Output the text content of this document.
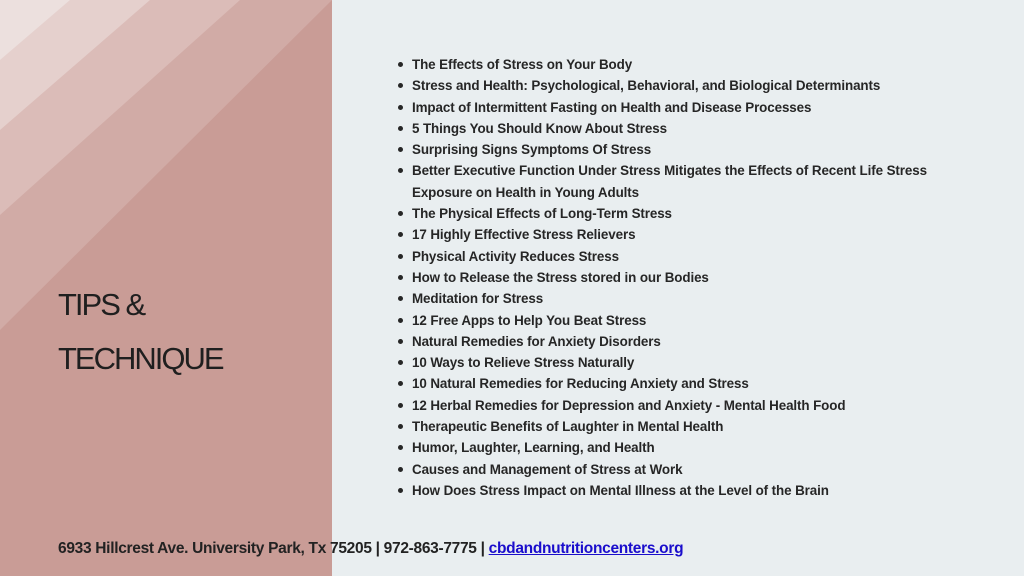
TIPS &
TECHNIQUE
The Effects of Stress on Your Body
Stress and Health: Psychological, Behavioral, and Biological Determinants
Impact of Intermittent Fasting on Health and Disease Processes
5 Things You Should Know About Stress
Surprising Signs Symptoms Of Stress
Better Executive Function Under Stress Mitigates the Effects of Recent Life Stress Exposure on Health in Young Adults
The Physical Effects of Long-Term Stress
17 Highly Effective Stress Relievers
Physical Activity Reduces Stress
How to Release the Stress stored in our Bodies
Meditation for Stress
12 Free Apps to Help You Beat Stress
Natural Remedies for Anxiety Disorders
10 Ways to Relieve Stress Naturally
10 Natural Remedies for Reducing Anxiety and Stress
12 Herbal Remedies for Depression and Anxiety - Mental Health Food
Therapeutic Benefits of Laughter in Mental Health
Humor, Laughter, Learning, and Health
Causes and Management of Stress at Work
How Does Stress Impact on Mental Illness at the Level of the Brain
6933 Hillcrest Ave. University Park, Tx 75205 | 972-863-7775 | cbdandnutritioncenters.org
